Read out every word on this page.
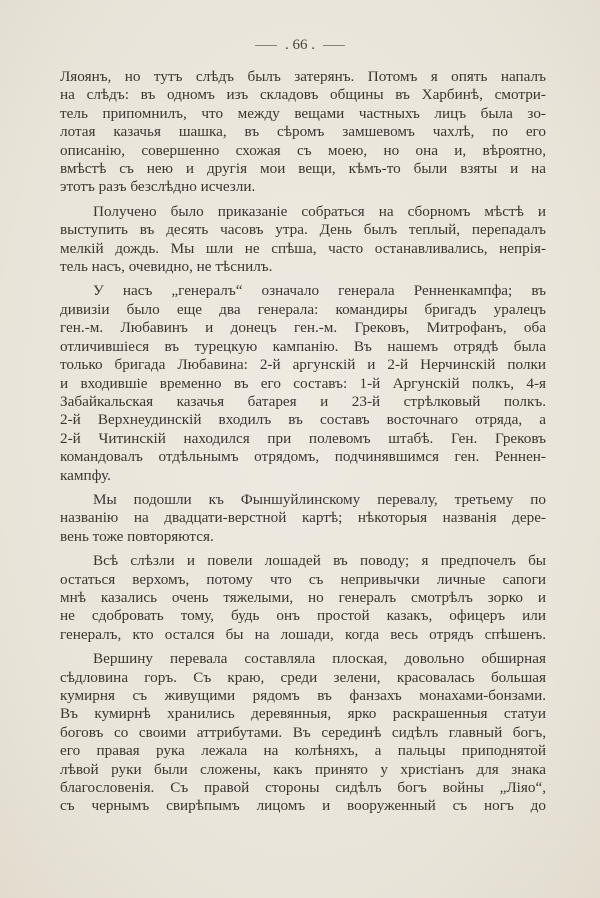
. 66 .
Ляоянъ, но тутъ слѣдъ былъ затерянъ. Потомъ я опять напалъ
на слѣдъ: въ одномъ изъ складовъ общины въ Харбинѣ, смотри-
тель припомнилъ, что между вещами частныхъ лицъ была зо-
лотая казачья шашка, въ сѣромъ замшевомъ чахлѣ, по его
описанію, совершенно схожая съ моею, но она и, вѣроятно,
вмѣстѣ съ нею и другія мои вещи, кѣмъ-то были взяты и на
этотъ разъ безслѣдно исчезли.
Получено было приказаніе собраться на сборномъ мѣстѣ и
выступить въ десять часовъ утра. День былъ теплый, перепадалъ
мелкій дождь. Мы шли не спѣша, часто останавливались, непрія-
тель насъ, очевидно, не тѣснилъ.
У насъ „генералъ“ означало генерала Ренненкампфа; въ
дивизіи было еще два генерала: командиры бригадъ уралецъ
ген.-м. Любавинъ и донецъ ген.-м. Грековъ, Митрофанъ, оба
отличившіеся въ турецкую кампанію. Въ нашемъ отрядѣ была
только бригада Любавина: 2-й аргунскій и 2-й Нерчинскій полки
и входившіе временно въ его составъ: 1-й Аргунскій полкъ, 4-я
Забайкальская казачья батарея и 23-й стрѣлковый полкъ.
2-й Верхнеудинскій входилъ въ составъ восточнаго отряда, а
2-й Читинскій находился при полевомъ штабѣ. Ген. Грековъ
командовалъ отдѣльнымъ отрядомъ, подчинявшимся ген. Реннен-
кампфу.
Мы подошли къ Фыншуйлинскому перевалу, третьему по
названію на двадцати-верстной картѣ; нѣкоторыя названія дере-
вень тоже повторяются.
Всѣ слѣзли и повели лошадей въ поводу; я предпочелъ бы
остаться верхомъ, потому что съ непривычки личные сапоги
мнѣ казались очень тяжелыми, но генералъ смотрѣлъ зорко и
не сдобровать тому, будь онъ простой казакъ, офицеръ или
генералъ, кто остался бы на лошади, когда весь отрядъ спѣшенъ.
Вершину перевала составляла плоская, довольно обширная
сѣдловина горъ. Съ краю, среди зелени, красовалась большая
кумирня съ живущими рядомъ въ фанзахъ монахами-бонзами.
Въ кумирнѣ хранились деревянныя, ярко раскрашенныя статуи
боговъ со своими аттрибутами. Въ серединѣ сидѣлъ главный богъ,
его правая рука лежала на колѣняхъ, а пальцы приподнятой
лѣвой руки были сложены, какъ принято у христіанъ для знака
благословенія. Съ правой стороны сидѣлъ богъ войны „Ліяо“,
съ чернымъ свирѣпымъ лицомъ и вооруженный съ ногъ до
